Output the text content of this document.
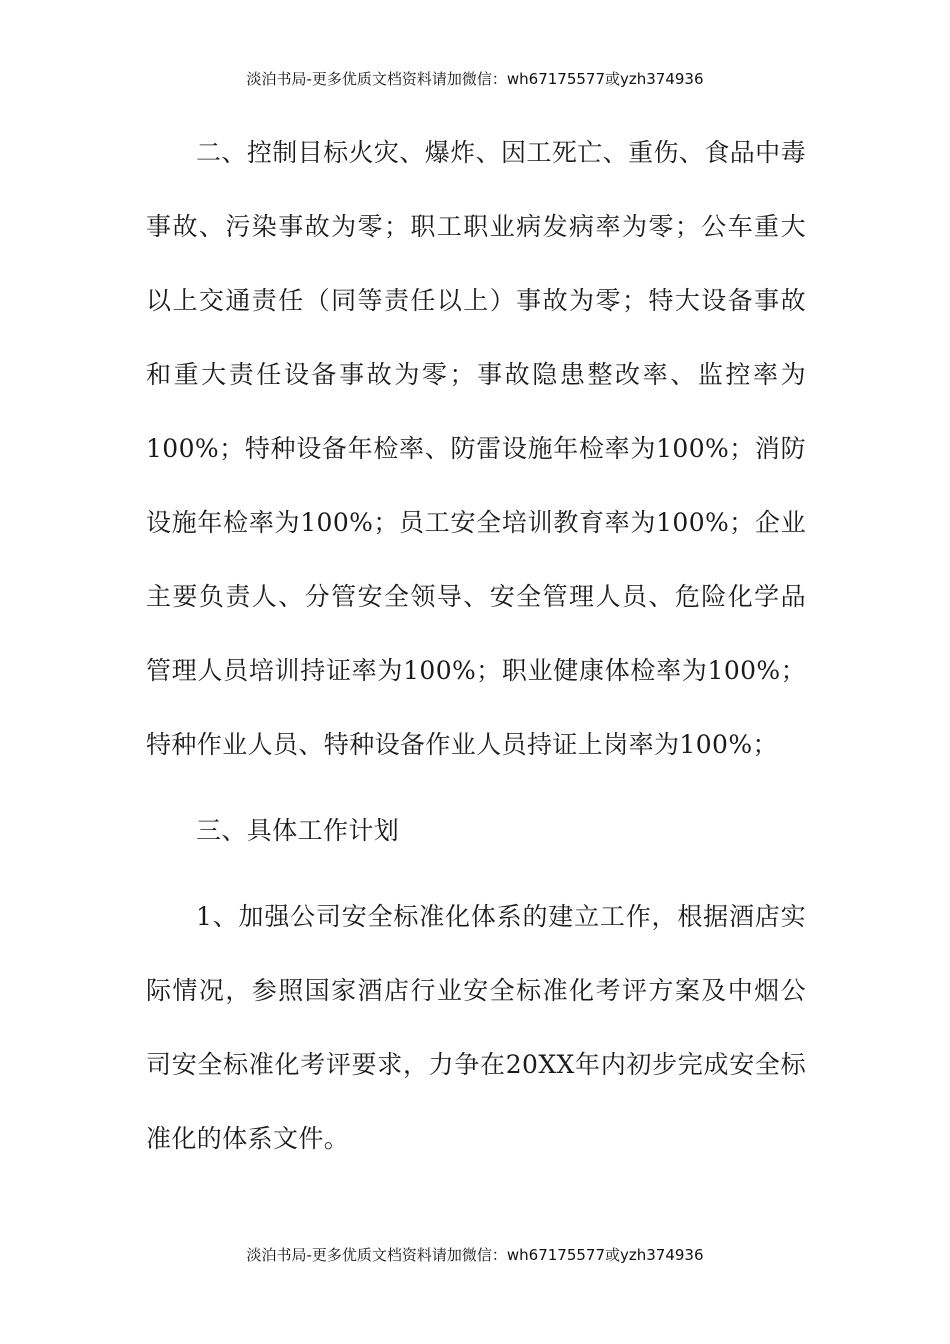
淡泊书局-更多优质文档资料请加微信：wh67175577或yzh374936

二、控制目标火灾、爆炸、因工死亡、重伤、食品中毒事故、污染事故为零；职工职业病发病率为零；公车重大以上交通责任（同等责任以上）事故为零；特大设备事故和重大责任设备事故为零；事故隐患整改率、监控率为100%；特种设备年检率、防雷设施年检率为100%；消防设施年检率为100%；员工安全培训教育率为100%；企业主要负责人、分管安全领导、安全管理人员、危险化学品管理人员培训持证率为100%；职业健康体检率为100%；特种作业人员、特种设备作业人员持证上岗率为100%；

三、具体工作计划

1、加强公司安全标准化体系的建立工作，根据酒店实际情况，参照国家酒店行业安全标准化考评方案及中烟公司安全标准化考评要求，力争在20XX年内初步完成安全标准化的体系文件。

淡泊书局-更多优质文档资料请加微信：wh67175577或yzh374936
